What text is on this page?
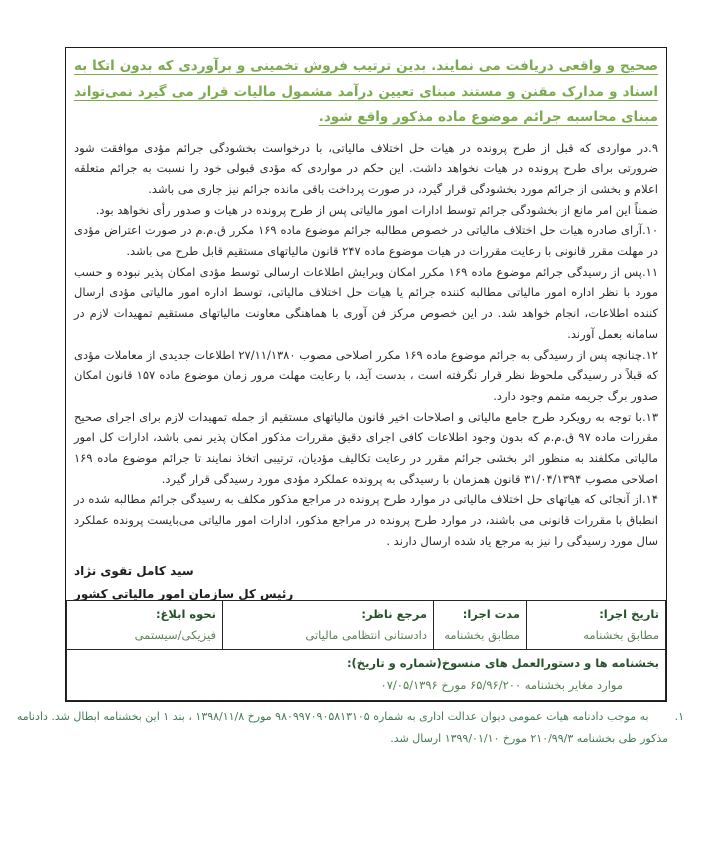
صحیح و واقعی دریافت می نمایند. بدین ترتیب فروش تخمینی و برآوردی که بدون اتکا به اسناد و مدارک مقنن و مستند مبنای تعیین درآمد مشمول مالیات قرار می گیرد نمی‌تواند مبنای محاسبه جرائم موضوع ماده مذکور واقع شود.

۹.در مواردی که قبل از طرح پرونده در هیات حل اختلاف مالیاتی، با درخواست بخشودگی جرائم مؤدی موافقت شود ضرورتی برای طرح پرونده در هیات نخواهد داشت. این حکم در مواردی که مؤدی قبولی خود را نسبت به جرائم متعلقه اعلام و بخشی از جرائم مورد بخشودگی قرار گیرد، در صورت پرداخت باقی مانده جرائم نیز جاری می باشد.

ضمناً این امر مانع از بخشودگی جرائم توسط ادارات امور مالیاتی پس از طرح پرونده در هیات و صدور رأی نخواهد بود.

۱۰.آرای صادره هیات حل اختلاف مالیاتی در خصوص مطالبه جرائم موضوع ماده ۱۶۹ مکرر ق.م.م در صورت اعتراض مؤدی در مهلت مقرر قانونی با رعایت مقررات در هیات موضوع ماده ۲۴۷ قانون مالیاتهای مستقیم قابل طرح می باشد.

۱۱.پس از رسیدگی جرائم موضوع ماده ۱۶۹ مکرر امکان ویرایش اطلاعات ارسالی توسط مؤدی امکان پذیر نبوده و حسب مورد با نظر اداره امور مالیاتی مطالبه کننده جرائم یا هیات حل اختلاف مالیاتی، توسط اداره امور مالیاتی مؤدی ارسال کننده اطلاعات، انجام خواهد شد. در این خصوص مرکز فن آوری با هماهنگی معاونت مالیاتهای مستقیم تمهیدات لازم در سامانه بعمل آورند.

۱۲.چنانچه پس از رسیدگی به جرائم موضوع ماده ۱۶۹ مکرر اصلاحی مصوب ۲۷/۱۱/۱۳۸۰ اطلاعات جدیدی از معاملات مؤدی که قبلاً در رسیدگی ملحوظ نظر قرار نگرفته است ، بدست آید، با رعایت مهلت مرور زمان موضوع ماده ۱۵۷ قانون امکان صدور برگ جریمه متمم وجود دارد.

۱۳.با توجه به رویکرد طرح جامع مالیاتی و اصلاحات اخیر قانون مالیاتهای مستقیم از جمله تمهیدات لازم برای اجرای صحیح مقررات ماده ۹۷ ق.م.م که بدون وجود اطلاعات کافی اجرای دقیق مقررات مذکور امکان پذیر نمی باشد، ادارات کل امور مالیاتی مکلفند به منظور اثر بخشی جرائم مقرر در رعایت تکالیف مؤدیان، ترتیبی اتخاذ نمایند تا جرائم موضوع ماده ۱۶۹ اصلاحی مصوب ۳۱/۰۴/۱۳۹۴ قانون همزمان با رسیدگی به پرونده عملکرد مؤدی مورد رسیدگی قرار گیرد.

۱۴.از آنجائی که هیاتهای حل اختلاف مالیاتی در موارد طرح پرونده در مراجع مذکور مکلف به رسیدگی جرائم مطالبه شده در انطباق با مقررات قانونی می باشند، در موارد طرح پرونده در مراجع مذکور، ادارات امور مالیاتی می‌بایست پرونده عملکرد سال مورد رسیدگی را نیز به مرجع یاد شده ارسال دارند .

سید کامل تقوی نژاد
رئیس کل سازمان امور مالیاتی کشور
تاریخ اجرا:
مطابق بخشنامه

مدت اجرا:
مطابق بخشنامه

مرجع ناظر:
دادستانی انتظامی مالیاتی

نحوه ابلاغ:
فیزیکی/سیستمی

بخشنامه ها و دستورالعمل های منسوخ(شماره و تاریخ):
موارد مغایر بخشنامه ۶۵/۹۶/۲۰۰ مورخ ۰۷/۰۵/۱۳۹۶
۱.به موجب دادنامه هیات عمومی دیوان عدالت اداری به شماره ۹۸۰۹۹۷۰۹۰۵۸۱۳۱۰۵ مورخ ۱۳۹۸/۱۱/۸ ، بند ۱ این بخشنامه ابطال شد. دادنامه
مذکور طی بخشنامه ۲۱۰/۹۹/۳ مورخ ۱۳۹۹/۰۱/۱۰ ارسال شد.
